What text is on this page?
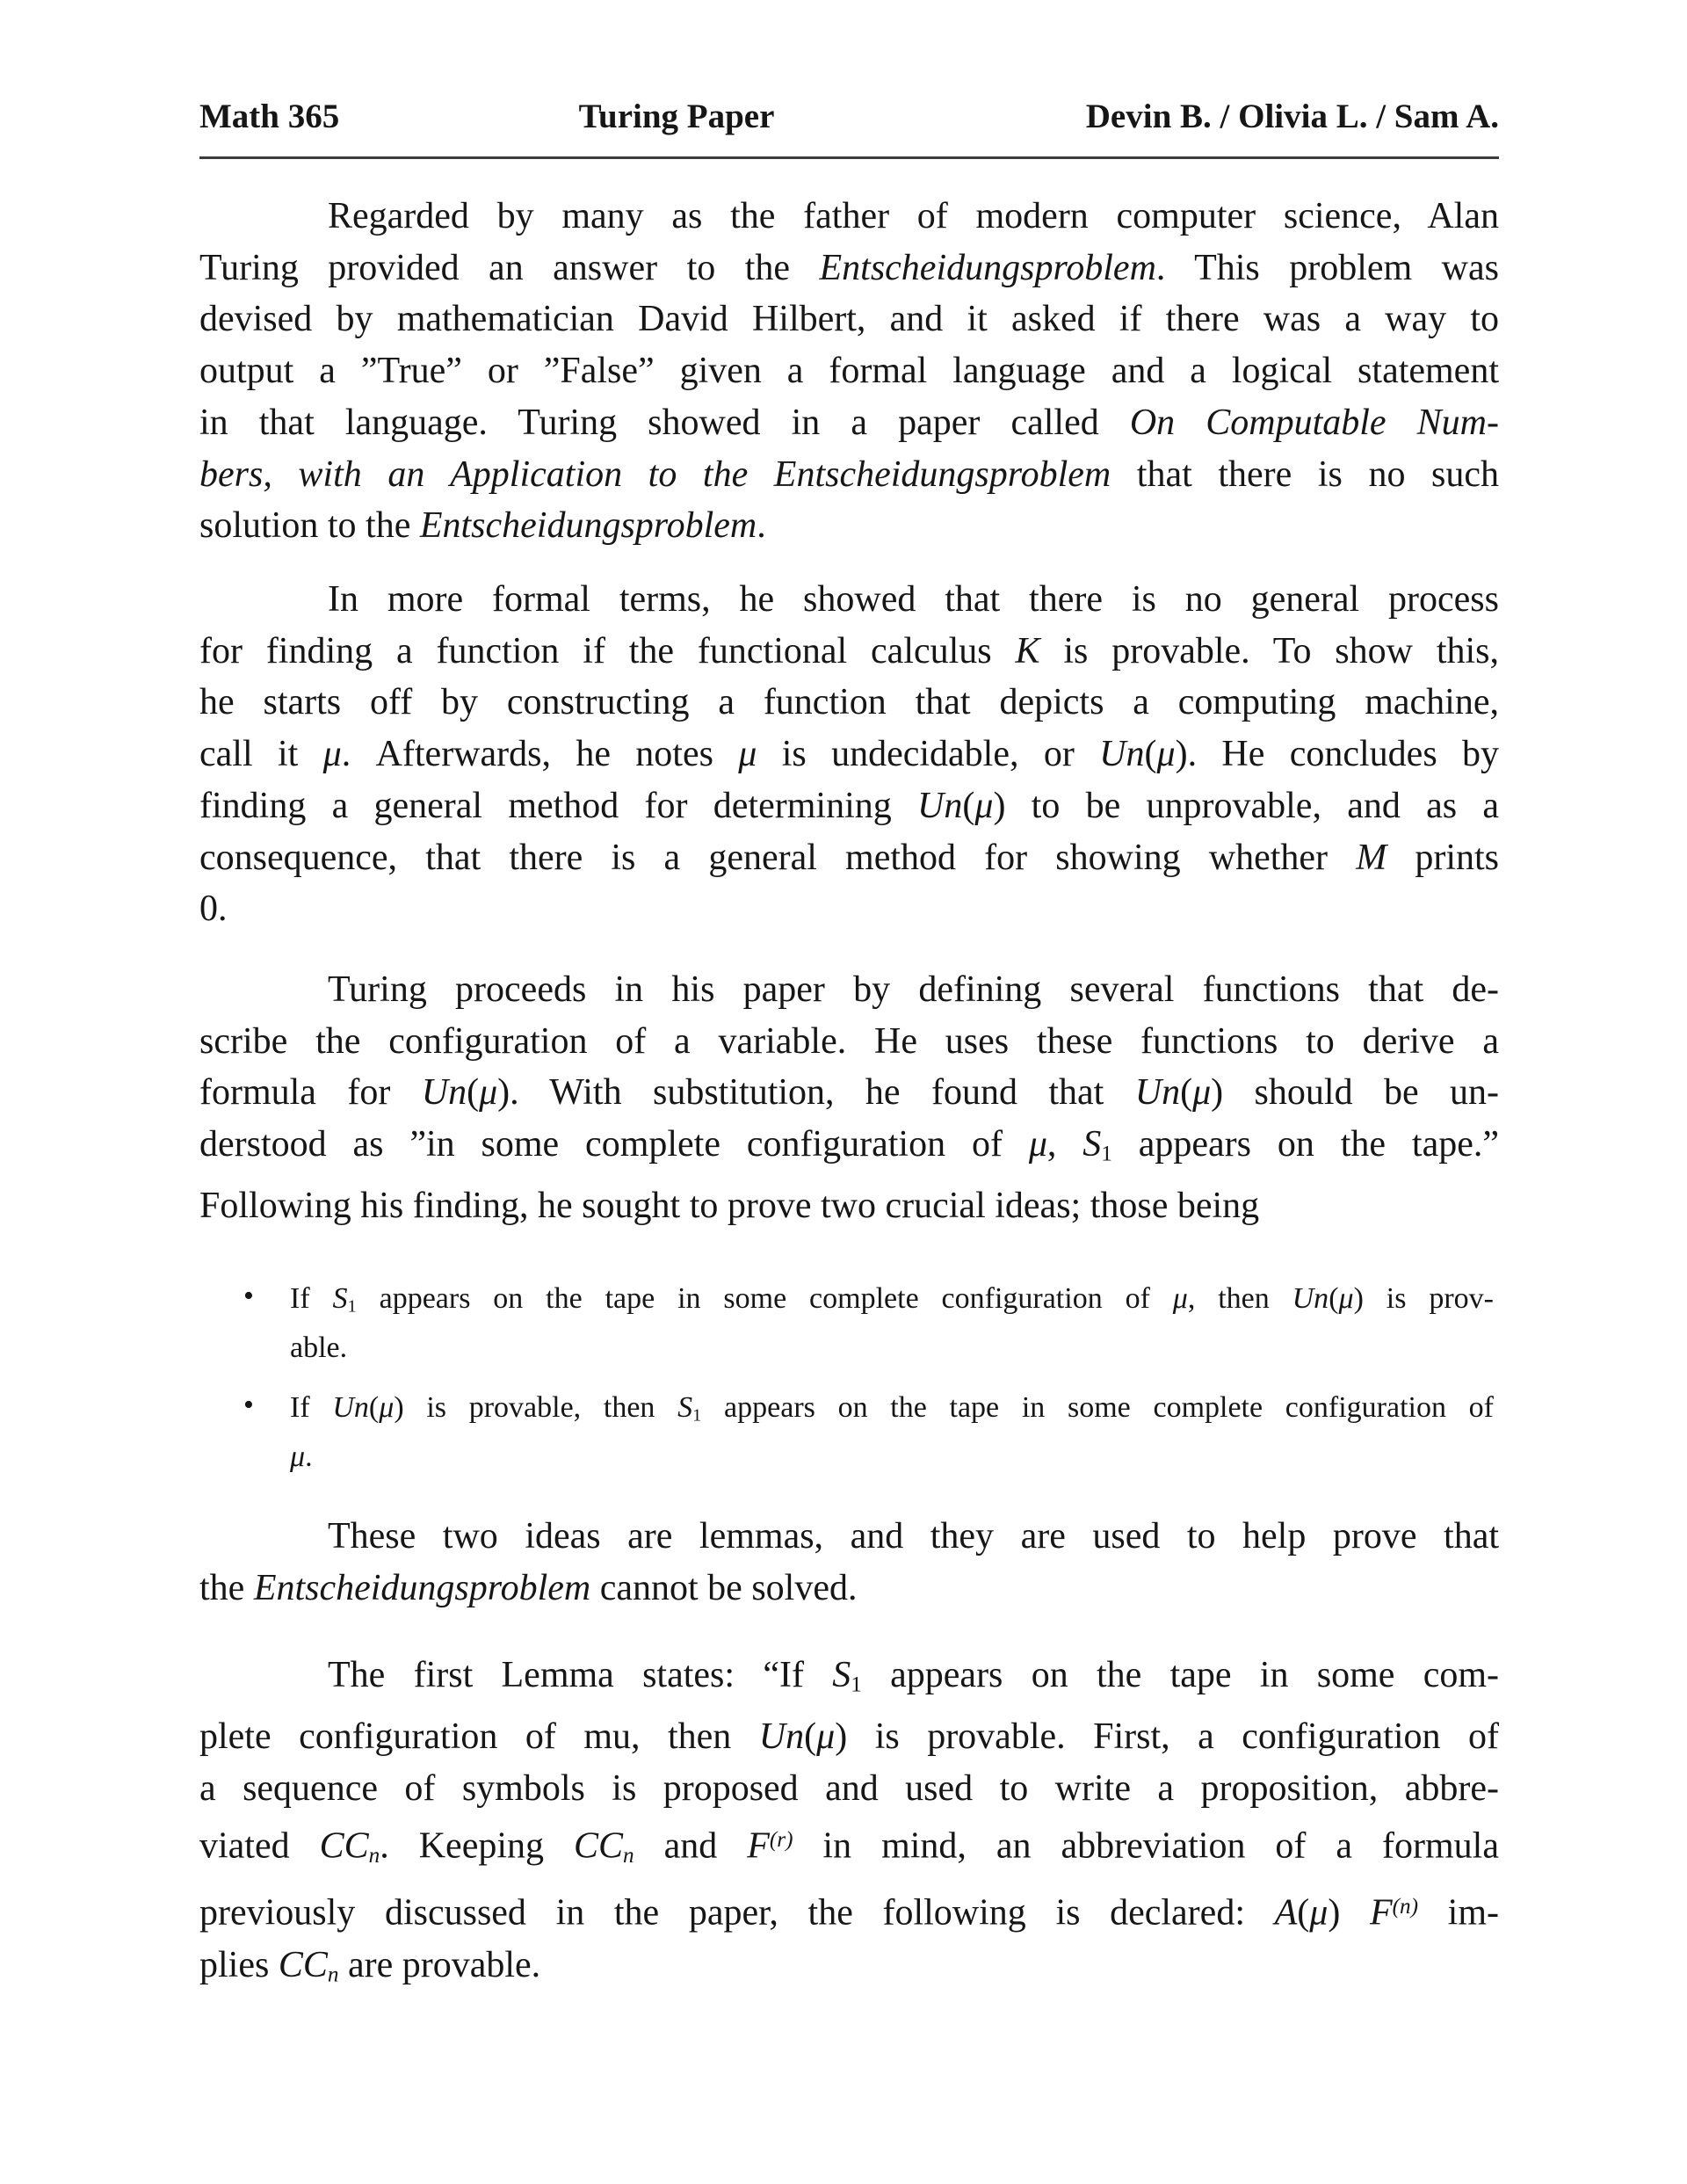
Math 365	Turing Paper	Devin B. / Olivia L. / Sam A.
Regarded by many as the father of modern computer science, Alan
Turing provided an answer to the Entscheidungsproblem. This problem was
devised by mathematician David Hilbert, and it asked if there was a way to
output a ”True” or ”False” given a formal language and a logical statement
in that language. Turing showed in a paper called On Computable Num-
bers, with an Application to the Entscheidungsproblem that there is no such
solution to the Entscheidungsproblem.
In more formal terms, he showed that there is no general process
for finding a function if the functional calculus K is provable. To show this,
he starts off by constructing a function that depicts a computing machine,
call it μ. Afterwards, he notes μ is undecidable, or Un(μ). He concludes by
finding a general method for determining Un(μ) to be unprovable, and as a
consequence, that there is a general method for showing whether M prints
0.
Turing proceeds in his paper by defining several functions that de-
scribe the configuration of a variable. He uses these functions to derive a
formula for Un(μ). With substitution, he found that Un(μ) should be un-
derstood as ”in some complete configuration of μ, S1 appears on the tape.”
Following his finding, he sought to prove two crucial ideas; those being
• If S1 appears on the tape in some complete configuration of μ, then Un(μ) is prov-
able.
• If Un(μ) is provable, then S1 appears on the tape in some complete configuration of
μ.
These two ideas are lemmas, and they are used to help prove that
the Entscheidungsproblem cannot be solved.
The first Lemma states: “If S1 appears on the tape in some com-
plete configuration of mu, then Un(μ) is provable. First, a configuration of
a sequence of symbols is proposed and used to write a proposition, abbre-
viated CCn. Keeping CCn and $F^{(r)}$ in mind, an abbreviation of a formula
previously discussed in the paper, the following is declared: A(μ) $F^{(n)}$ im-
plies CCn are provable.
